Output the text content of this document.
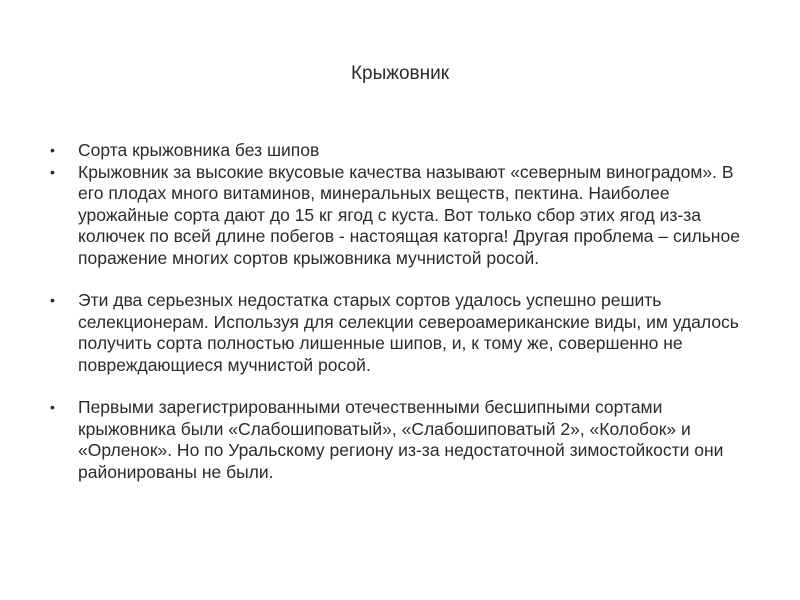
Крыжовник
•	Сорта крыжовника без шипов
•	Крыжовник за высокие вкусовые качества называют «северным виноградом». В его плодах много витаминов, минеральных веществ, пектина. Наиболее урожайные сорта дают до 15 кг ягод с куста. Вот только сбор этих ягод из-за колючек по всей длине побегов - настоящая каторга! Другая проблема – сильное поражение многих сортов крыжовника мучнистой росой.
•	Эти два серьезных недостатка старых сортов удалось успешно решить селекционерам. Используя для селекции североамериканские виды, им удалось получить сорта полностью лишенные шипов, и, к тому же, совершенно не повреждающиеся мучнистой росой.
•	Первыми зарегистрированными отечественными бесшипными сортами крыжовника были «Слабошиповатый», «Слабошиповатый 2», «Колобок» и «Орленок». Но по Уральскому региону из-за недостаточной зимостойкости они районированы не были.
